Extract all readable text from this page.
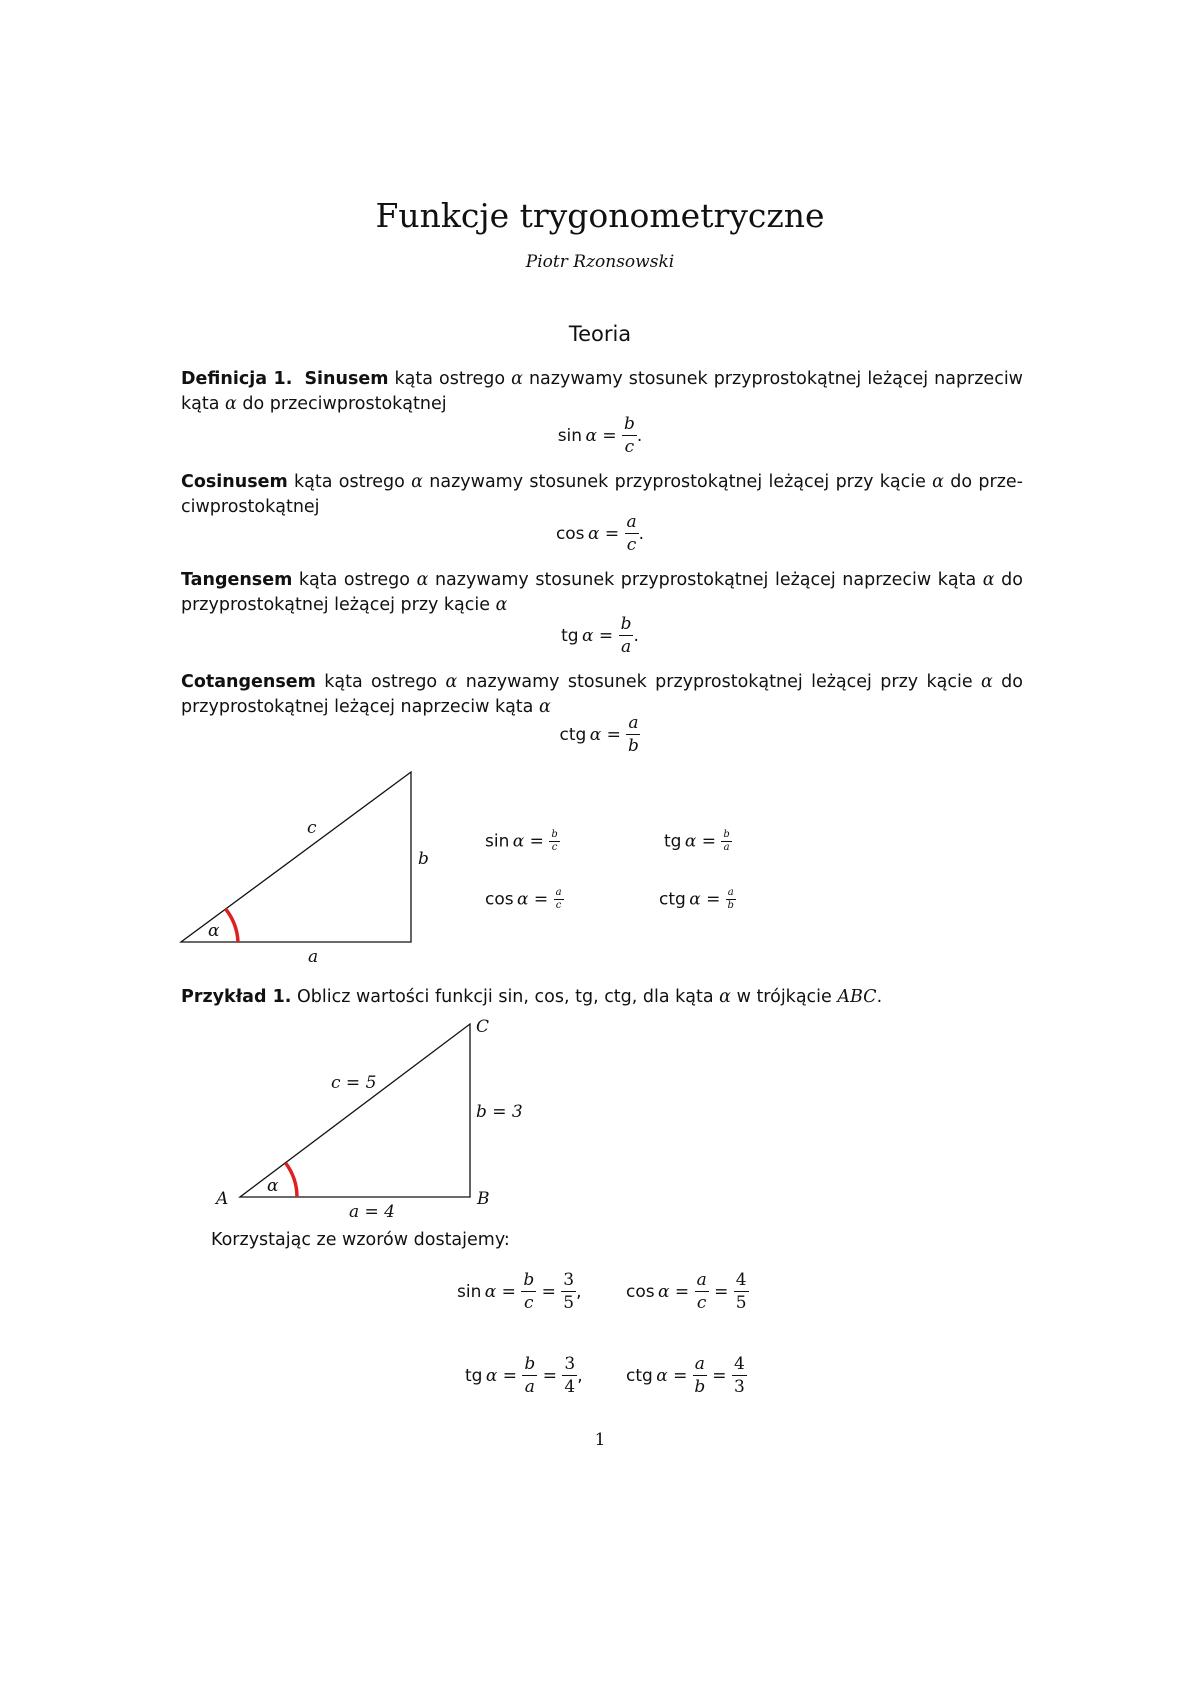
Funkcje trygonometryczne
Piotr Rzonsowski
Teoria
Definicja 1. Sinusem kąta ostrego α nazywamy stosunek przyprostokątnej leżącej naprzeciw kąta α do przeciwprostokątnej
$\sin \alpha = \frac{b}{c}$ .
Cosinusem kąta ostrego α nazywamy stosunek przyprostokątnej leżącej przy kącie α do przeciwprostokątnej
$\cos \alpha = \frac{a}{c}$ .
Tangensem kąta ostrego α nazywamy stosunek przyprostokątnej leżącej naprzeciw kąta α do przyprostokątnej leżącej przy kącie α
tg  $\alpha = \frac{b}{a}$ .
Cotangensem kąta ostrego α nazywamy stosunek przyprostokątnej leżącej przy kącie α do przyprostokątnej leżącej naprzeciw kąta α
ctg  $\alpha = \frac{a}{b}$
α
c
b
a
α
A	B
C
c = 5
b = 3
a = 4
$\sin \alpha = \frac{b}{c}$	tg  $\alpha = \frac{b}{a}$
$\cos \alpha = \frac{a}{c}$	ctg  $\alpha = \frac{a}{b}$
Przykład 1. Oblicz wartości funkcji sin, cos, tg, ctg, dla kąta α w trójkącie ABC.
Korzystając ze wzorów dostajemy:
$\sin \alpha = \frac{b}{c} = \frac{3}{5}$ ,	$\cos \alpha = \frac{a}{c} = \frac{4}{5}$
tg  $\alpha = \frac{b}{a} = \frac{3}{4}$ ,	ctg  $\alpha = \frac{a}{b} = \frac{4}{3}$
1
